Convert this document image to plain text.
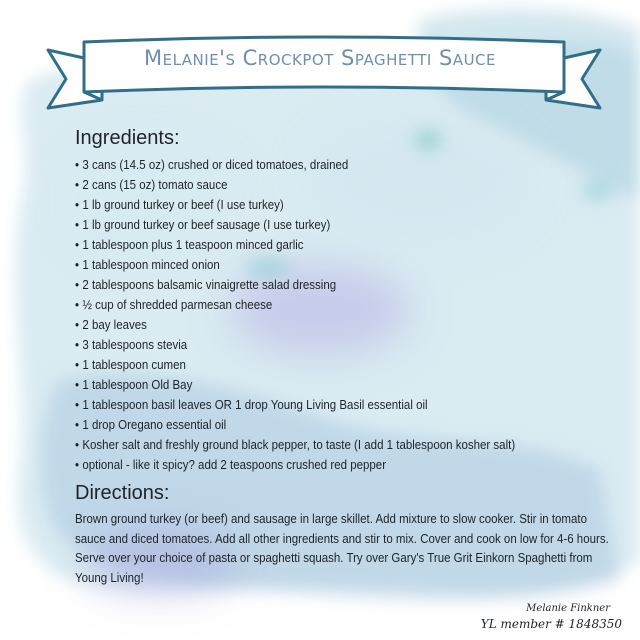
Melanie's Crockpot Spaghetti Sauce
Ingredients:
• 3 cans (14.5 oz) crushed or diced tomatoes, drained
• 2 cans (15 oz) tomato sauce
• 1 lb ground turkey or beef (I use turkey)
• 1 lb ground turkey or beef sausage (I use turkey)
• 1 tablespoon plus 1 teaspoon minced garlic
• 1 tablespoon minced onion
• 2 tablespoons balsamic vinaigrette salad dressing
• ½ cup of shredded parmesan cheese
• 2 bay leaves
• 3 tablespoons stevia
• 1 tablespoon cumen
• 1 tablespoon Old Bay
• 1 tablespoon basil leaves OR 1 drop Young Living Basil essential oil
• 1 drop Oregano essential oil
• Kosher salt and freshly ground black pepper, to taste (I add 1 tablespoon kosher salt)
• optional - like it spicy? add 2 teaspoons crushed red pepper
Directions:

Brown ground turkey (or beef) and sausage in large skillet. Add mixture to slow cooker. Stir in tomato sauce and diced tomatoes. Add all other ingredients and stir to mix. Cover and cook on low for 4-6 hours. Serve over your choice of pasta or spaghetti squash. Try over Gary's True Grit Einkorn Spaghetti from Young Living!

Melanie Finkner
YL member # 1848350
